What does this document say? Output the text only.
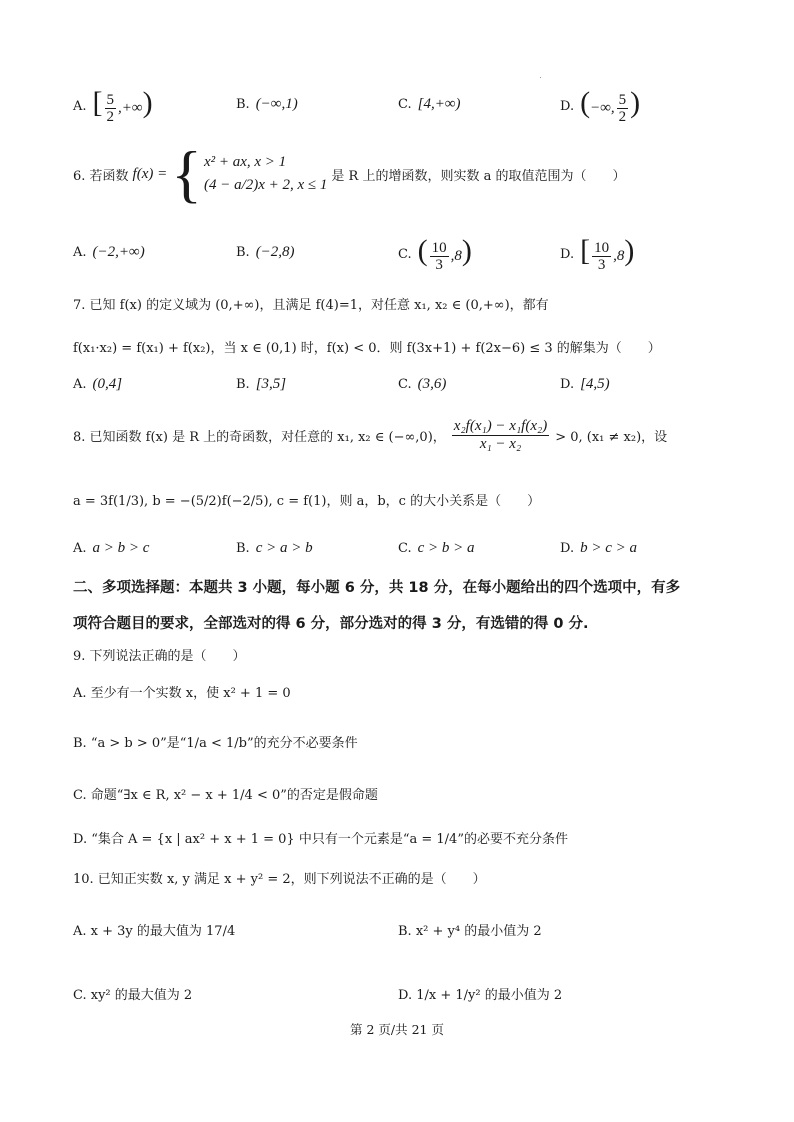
A. [ $\frac{5}{2}$ ,+∞)	B. (−∞,1)	C. [4,+∞)	D. (−∞, $\frac{5}{2}$ )
6. 若函数 f(x) = { x² + ax, x > 1
(4 − a/2)x + 2, x ≤ 1
是 R 上的增函数，则实数 a 的取值范围为（　　）
A. (−2,+∞)	B. (−2,8)	C. ( $\frac{10}{3} ,8$)	D. [ $\frac{10}{3} ,8$)
7. 已知 f(x) 的定义域为 (0,+∞)，且满足 f(4)=1，对任意 x₁, x₂ ∈ (0,+∞)，都有
f(x₁·x₂) = f(x₁) + f(x₂)，当 x ∈ (0,1) 时，f(x) < 0．则 f(3x+1) + f(2x−6) ≤ 3 的解集为（　　）
A. (0,4]	B. [3,5]	C. (3,6)	D. [4,5)
8. 已知函数 f(x) 是 R 上的奇函数，对任意的 x₁, x₂ ∈ (−∞,0)， $\frac{\text{x₂f(x₁) − x₁f(x₂)}}{\text{x₁ − x₂}} > 0$, (x₁ ≠ x₂)，设
a = 3f(1/3), b = −(5/2)f(−2/5), c = f(1)，则 a，b，c 的大小关系是（　　）
A. a > b > c	B. c > a > b	C. c > b > a	D. b > c > a
二、多项选择题：本题共 3 小题，每小题 6 分，共 18 分，在每小题给出的四个选项中，有多
项符合题目的要求，全部选对的得 6 分，部分选对的得 3 分，有选错的得 0 分.
9. 下列说法正确的是（　　）
A. 至少有一个实数 x，使 x² + 1 = 0
B. “a > b > 0”是“1/a < 1/b”的充分不必要条件
C. 命题“∃x ∈ R, x² − x + 1/4 < 0”的否定是假命题
D. “集合 A = {x | ax² + x + 1 = 0} 中只有一个元素是“a = 1/4”的必要不充分条件
10. 已知正实数 x, y 满足 x + y² = 2，则下列说法不正确的是（　　）
A. x + 3y 的最大值为 17/4	B. x² + y⁴ 的最小值为 2
C. xy² 的最大值为 2	D. 1/x + 1/y² 的最小值为 2
第 2 页/共 21 页
